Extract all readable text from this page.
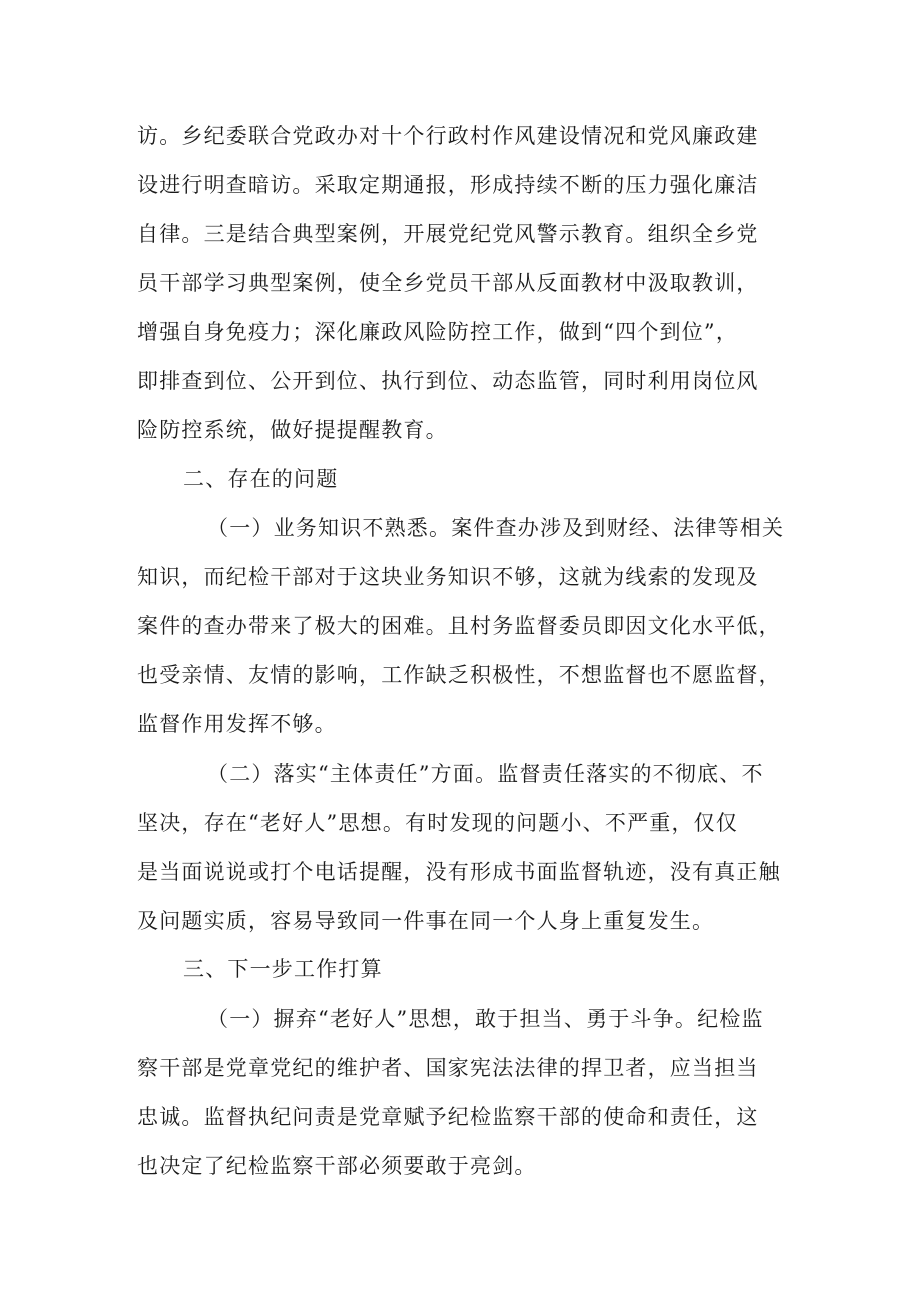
访。乡纪委联合党政办对十个行政村作风建设情况和党风廉政建
设进行明查暗访。采取定期通报，形成持续不断的压力强化廉洁
自律。三是结合典型案例，开展党纪党风警示教育。组织全乡党
员干部学习典型案例，使全乡党员干部从反面教材中汲取教训，
增强自身免疫力；深化廉政风险防控工作，做到“四个到位”，
即排查到位、公开到位、执行到位、动态监管，同时利用岗位风
险防控系统，做好提提醒教育。
二、存在的问题
（一）业务知识不熟悉。案件查办涉及到财经、法律等相关
知识，而纪检干部对于这块业务知识不够，这就为线索的发现及
案件的查办带来了极大的困难。且村务监督委员即因文化水平低，
也受亲情、友情的影响，工作缺乏积极性，不想监督也不愿监督，
监督作用发挥不够。
（二）落实“主体责任”方面。监督责任落实的不彻底、不
坚决，存在“老好人”思想。有时发现的问题小、不严重，仅仅
是当面说说或打个电话提醒，没有形成书面监督轨迹，没有真正触
及问题实质，容易导致同一件事在同一个人身上重复发生。
三、下一步工作打算
（一）摒弃“老好人”思想，敢于担当、勇于斗争。纪检监
察干部是党章党纪的维护者、国家宪法法律的捍卫者，应当担当
忠诚。监督执纪问责是党章赋予纪检监察干部的使命和责任，这
也决定了纪检监察干部必须要敢于亮剑。
